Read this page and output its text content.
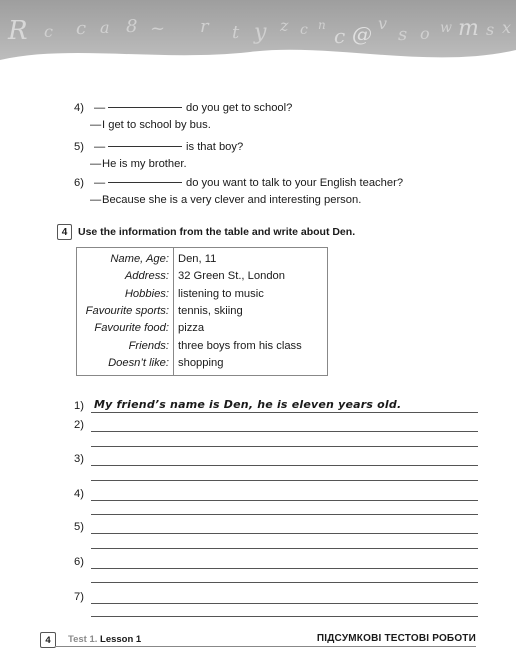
R c c a 8 ~ r t y z c n c @ v
s o w m s x
4) —	do you get to school?
— I get to school by bus.
5) —	is that boy?
— He is my brother.
6) —	do you want to talk to your English teacher?
— Because she is a very clever and interesting person.
4	Use the information from the table and write about Den.
Name, Age:	Den, 11
Address:	32 Green St., London
Hobbies:	listening to music
Favourite sports:	tennis, skiing
Favourite food:	pizza
Friends:	three boys from his class
Doesn’t like:	shopping
1) My friend’s name is Den, he is eleven years old.
2)
3)
4)
5)
6)
7)
4	Test 1. Lesson 1	ПІДСУМКОВІ ТЕСТОВІ РОБОТИ
